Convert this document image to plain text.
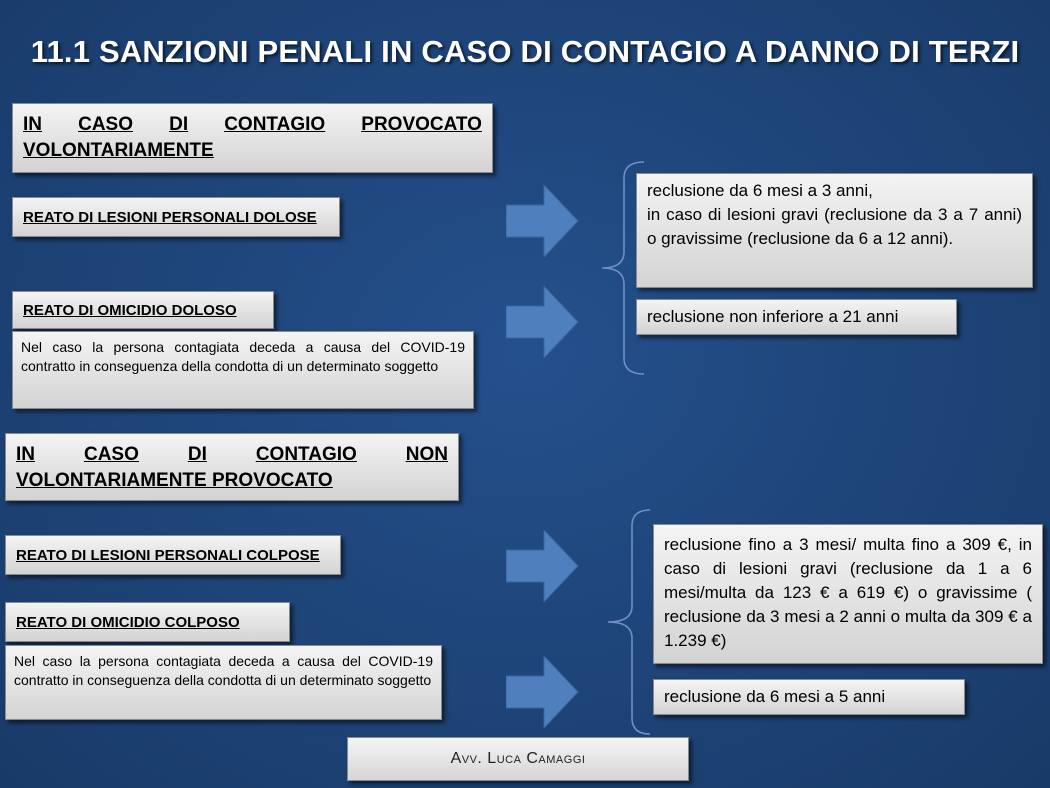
11.1 SANZIONI PENALI IN CASO DI CONTAGIO A DANNO DI TERZI
IN CASO DI CONTAGIO PROVOCATO
VOLONTARIAMENTE
REATO DI LESIONI PERSONALI DOLOSE
REATO DI OMICIDIO DOLOSO
Nel caso la persona contagiata deceda a causa del COVID-19 contratto in conseguenza della condotta di un determinato soggetto
reclusione da 6 mesi a 3 anni,
in caso di lesioni gravi (reclusione da 3 a 7 anni) o gravissime (reclusione da 6 a 12 anni).
reclusione non inferiore a 21 anni
IN	CASO	DI	CONTAGIO	NON
VOLONTARIAMENTE PROVOCATO
REATO DI LESIONI PERSONALI COLPOSE
REATO DI OMICIDIO COLPOSO
Nel caso la persona contagiata deceda a causa del COVID-19 contratto in conseguenza della condotta di un determinato soggetto
reclusione fino a 3 mesi/ multa fino a 309 €, in caso di lesioni gravi (reclusione da 1 a 6 mesi/multa da 123 € a 619 €) o gravissime ( reclusione da 3 mesi a 2 anni o multa da 309 € a 1.239 €)
reclusione da 6 mesi a 5 anni
Avv. Luca Camaggi
